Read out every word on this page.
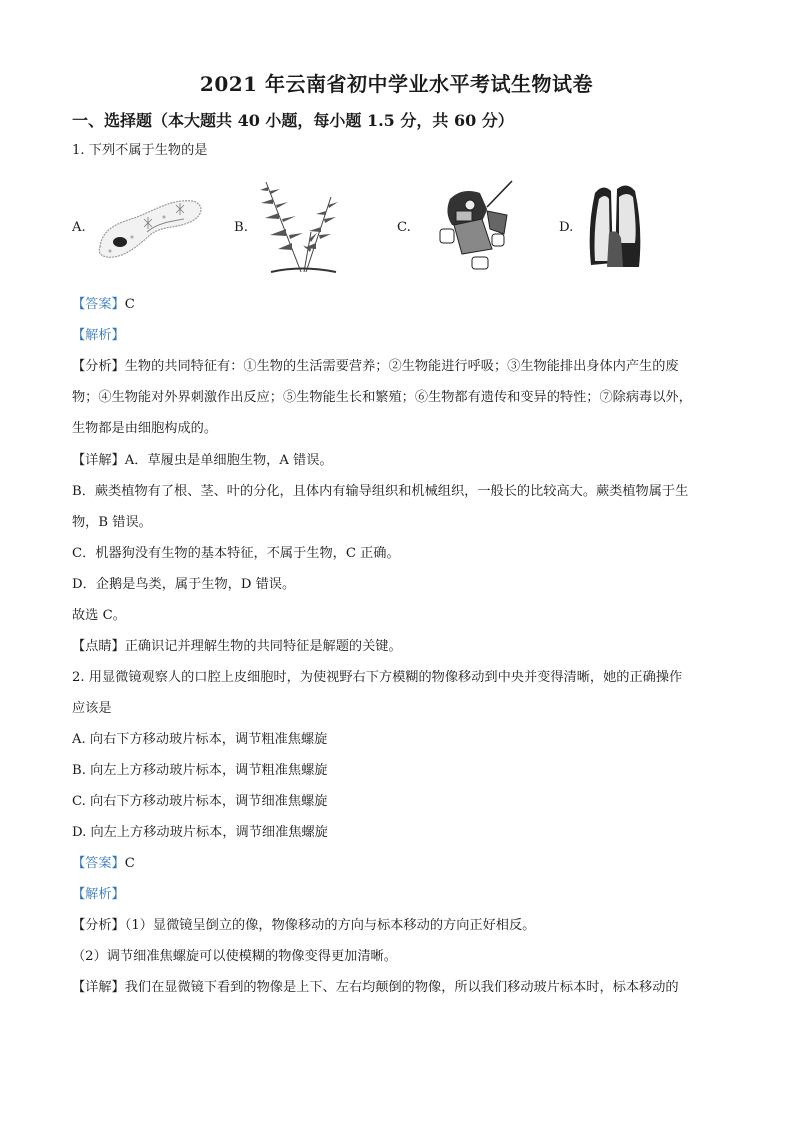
2021 年云南省初中学业水平考试生物试卷
一、选择题（本大题共 40 小题，每小题 1.5 分，共 60 分）
1. 下列不属于生物的是
A.	B.	C.	D.
【答案】C
【解析】
【分析】生物的共同特征有：①生物的生活需要营养；②生物能进行呼吸；③生物能排出身体内产生的废
物；④生物能对外界刺激作出反应；⑤生物能生长和繁殖；⑥生物都有遗传和变异的特性；⑦除病毒以外，
生物都是由细胞构成的。
【详解】A．草履虫是单细胞生物，A 错误。
B．蕨类植物有了根、茎、叶的分化，且体内有输导组织和机械组织，一般长的比较高大。蕨类植物属于生
物，B 错误。
C．机器狗没有生物的基本特征，不属于生物，C 正确。
D．企鹅是鸟类，属于生物，D 错误。
故选 C。
【点睛】正确识记并理解生物的共同特征是解题的关键。
2. 用显微镜观察人的口腔上皮细胞时，为使视野右下方模糊的物像移动到中央并变得清晰，她的正确操作
应该是
A. 向右下方移动玻片标本，调节粗准焦螺旋
B. 向左上方移动玻片标本，调节粗准焦螺旋
C. 向右下方移动玻片标本，调节细准焦螺旋
D. 向左上方移动玻片标本，调节细准焦螺旋
【答案】C
【解析】
【分析】（1）显微镜呈倒立的像，物像移动的方向与标本移动的方向正好相反。
（2）调节细准焦螺旋可以使模糊的物像变得更加清晰。
【详解】我们在显微镜下看到的物像是上下、左右均颠倒的物像，所以我们移动玻片标本时，标本移动的
